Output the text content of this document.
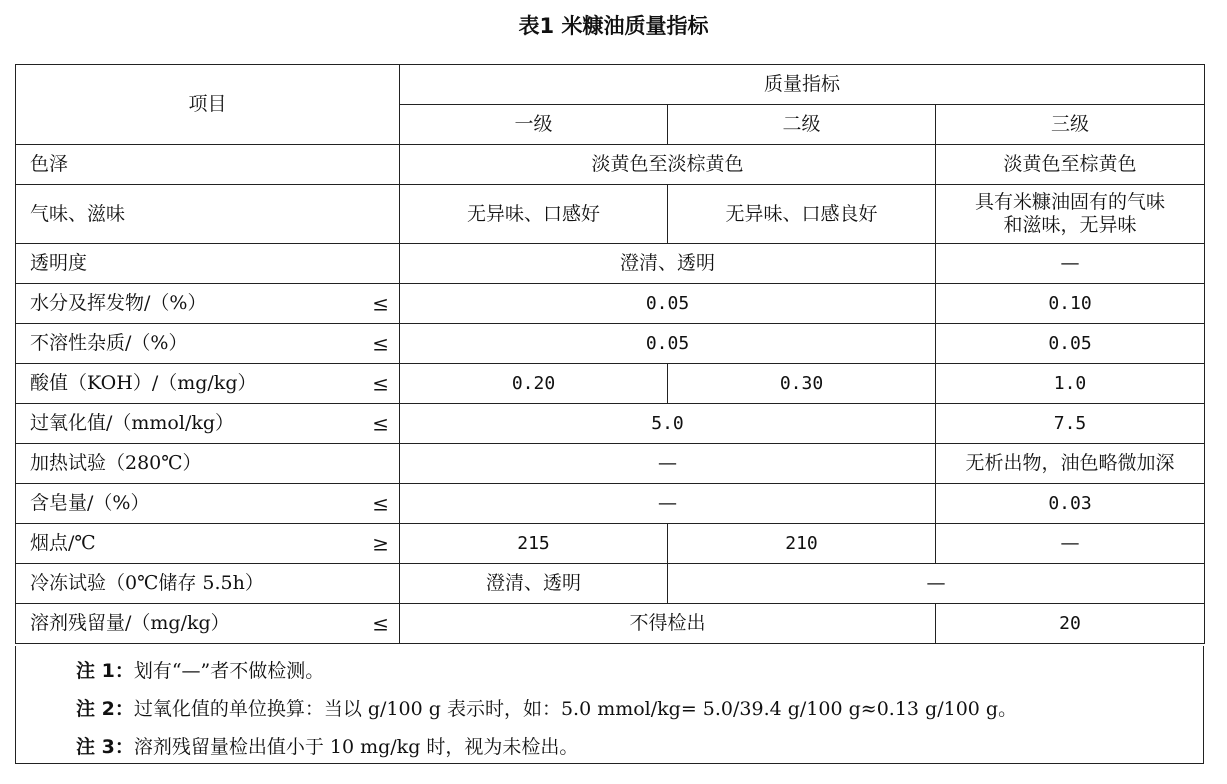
表1 米糠油质量指标
项目	质量指标		
	一级	二级	三级
色泽	淡黄色至淡棕黄色		淡黄色至棕黄色
气味、滋味	无异味、口感好	无异味、口感良好	具有米糠油固有的气味
和滋味，无异味

透明度	澄清、透明		—
水分及挥发物/（%） ≤	0.05		0.10
不溶性杂质/（%） ≤	0.05		0.05
酸值（KOH）/（mg/kg） ≤	0.20	0.30	1.0
过氧化值/（mmol/kg） ≤	5.0		7.5
加热试验（280℃）	—		无析出物，油色略微加深
含皂量/（%） ≤	—		0.03
烟点/℃ ≥	215	210	—
冷冻试验（0℃储存 5.5h）	澄清、透明	—	
溶剂残留量/（mg/kg） ≤	不得检出		20
注 1：划有“—”者不做检测。
注 2：过氧化值的单位换算：当以 g/100 g 表示时，如：5.0 mmol/kg= 5.0/39.4 g/100 g≈0.13 g/100 g。
注 3：溶剂残留量检出值小于 10 mg/kg 时，视为未检出。
